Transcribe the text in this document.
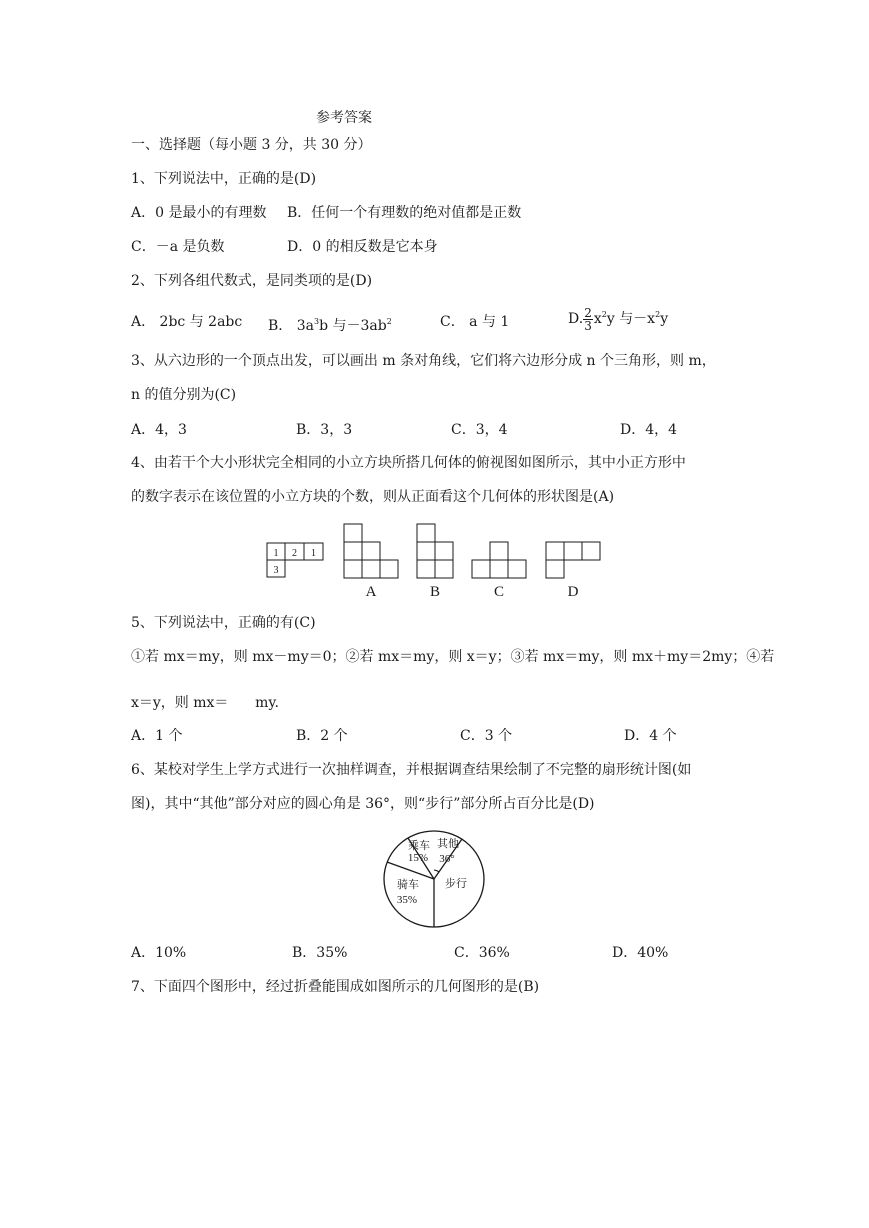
参考答案
一、选择题（每小题 3 分，共 30 分）
1、下列说法中，正确的是(D)
A．0 是最小的有理数 B．任何一个有理数的绝对值都是正数
C．－a 是负数	D．0 的相反数是它本身
2、下列各组代数式，是同类项的是(D)
A． 2bc 与 2abc B． $3a^3b$ 与$-3ab^2$	C． a 与 1	D. $\frac{2}{3} x^2y$ 与$-x^2y$
3、从六边形的一个顶点出发，可以画出 m 条对角线，它们将六边形分成 n 个三角形，则 m，
n 的值分别为(C)
A．4，3	B．3，3	C．3，4	D．4，4
4、由若干个大小形状完全相同的小立方块所搭几何体的俯视图如图所示，其中小正方形中
的数字表示在该位置的小立方块的个数，则从正面看这个几何体的形状图是(A)
1 2 1
3
A	B	C	D
5、下列说法中，正确的有(C)
①若 mx＝my，则 mx－my＝0；②若 mx＝my，则 x＝y；③若 mx＝my，则 mx＋my＝2my；④若
x＝y，则 mx＝      my.
A．1 个	B．2 个	C．3 个	D．4 个
6、某校对学生上学方式进行一次抽样调查，并根据调查结果绘制了不完整的扇形统计图(如
图)，其中“其他”部分对应的圆心角是 36°，则“步行”部分所占百分比是(D)
乘车
15%
其他
36°
步行
骑车
35%
A．10%	B．35%	C．36%	D．40%
7、下面四个图形中，经过折叠能围成如图所示的几何图形的是(B)
